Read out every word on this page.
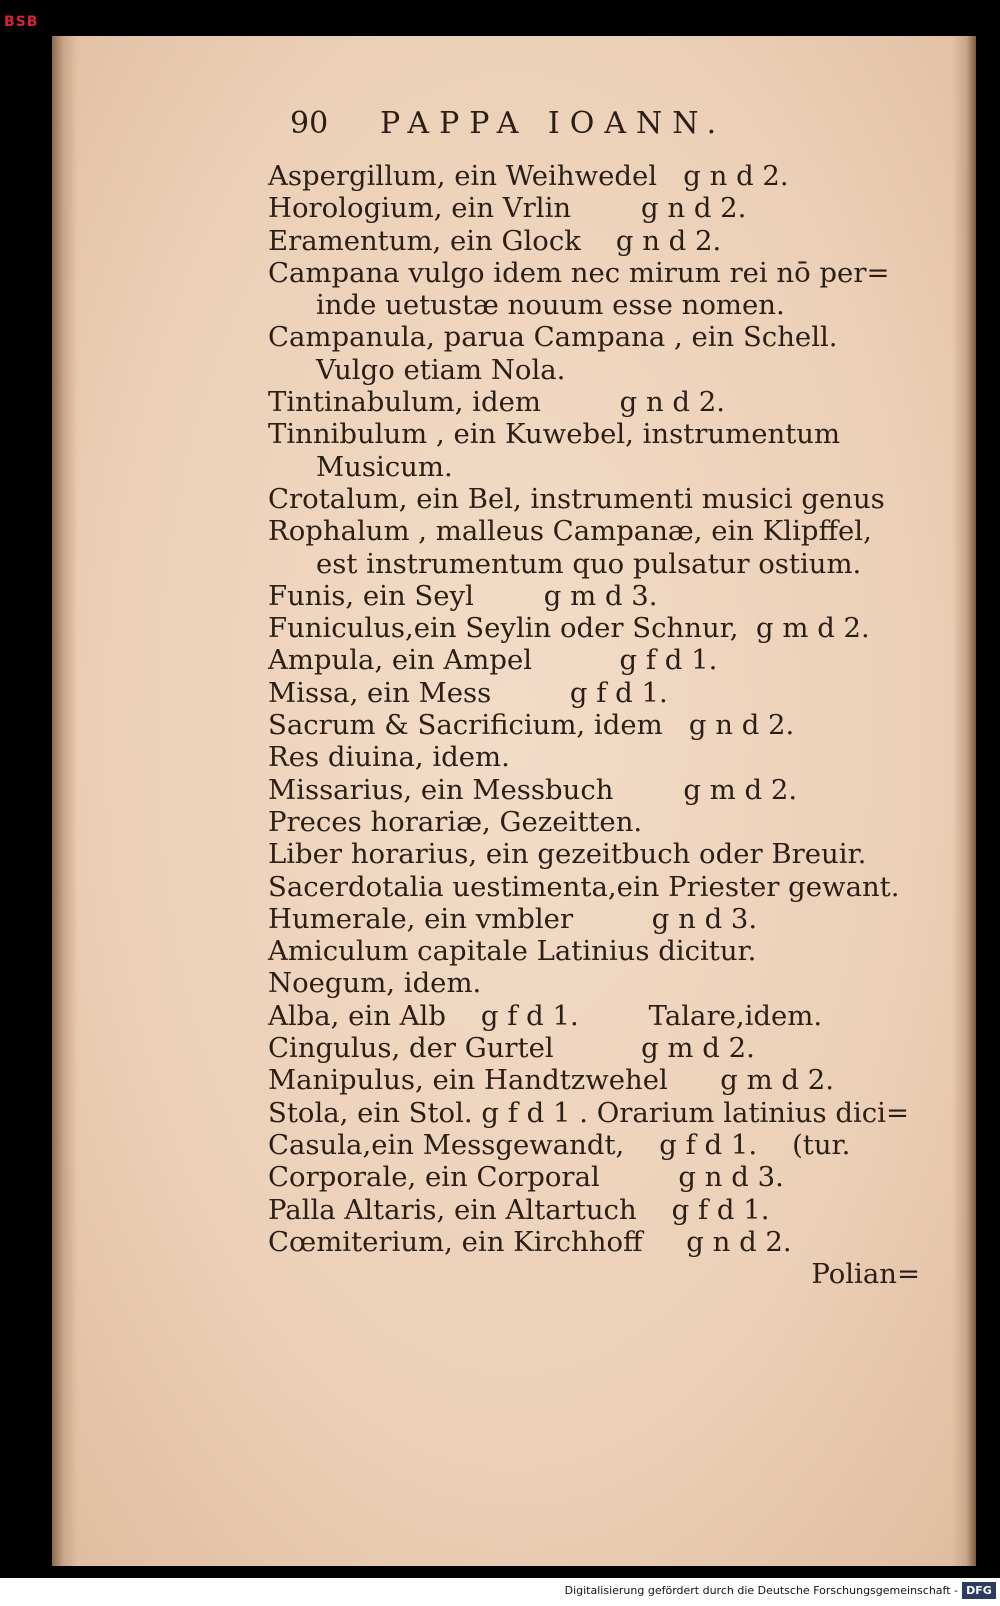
BSB
90 PAPPA IOANN.
Aspergillum, ein Weihwedel   g n d 2.
Horologium, ein Vrlin        g n d 2.
Eramentum, ein Glock    g n d 2.
Campana vulgo idem nec mirum rei nō per=
inde uetustæ nouum esse nomen.
Campanula, parua Campana , ein Schell.
Vulgo etiam Nola.
Tintinabulum, idem         g n d 2.
Tinnibulum , ein Kuwebel, instrumentum
Musicum.
Crotalum, ein Bel, instrumenti musici genus
Rophalum , malleus Campanæ, ein Klipffel,
est instrumentum quo pulsatur ostium.
Funis, ein Seyl        g m d 3.
Funiculus,ein Seylin oder Schnur,  g m d 2.
Ampula, ein Ampel          g f d 1.
Missa, ein Mess         g f d 1.
Sacrum & Sacrificium, idem   g n d 2.
Res diuina, idem.
Missarius, ein Messbuch        g m d 2.
Preces horariæ, Gezeitten.
Liber horarius, ein gezeitbuch oder Breuir.
Sacerdotalia uestimenta,ein Priester gewant.
Humerale, ein vmbler         g n d 3.
Amiculum capitale Latinius dicitur.
Noegum, idem.
Alba, ein Alb    g f d 1.        Talare,idem.
Cingulus, der Gurtel          g m d 2.
Manipulus, ein Handtzwehel      g m d 2.
Stola, ein Stol. g f d 1 . Orarium latinius dici=
Casula,ein Messgewandt,    g f d 1.    (tur.
Corporale, ein Corporal         g n d 3.
Palla Altaris, ein Altartuch    g f d 1.
Cœmiterium, ein Kirchhoff     g n d 2.
Polian=
Digitalisierung gefördert durch die Deutsche Forschungsgemeinschaft - DFG
